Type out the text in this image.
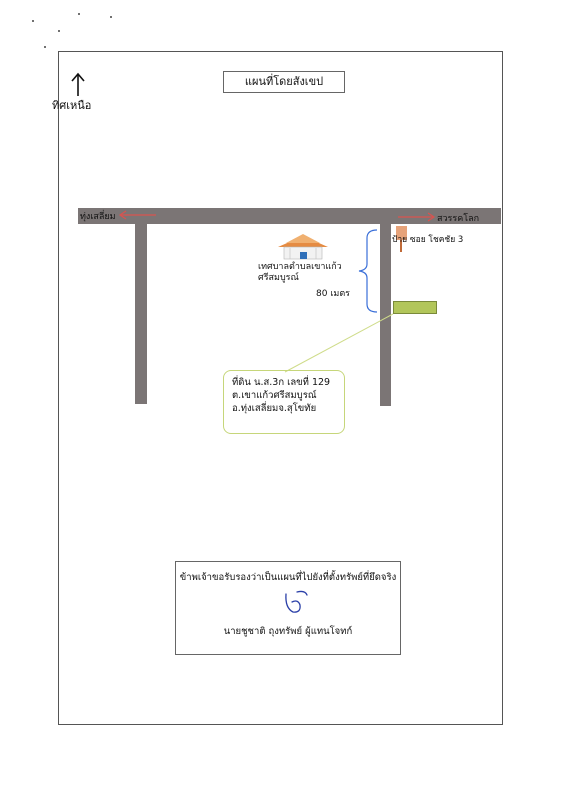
ทิศเหนือ
แผนที่โดยสังเขป
ทุ่งเสลี่ยม	สวรรคโลก
ป้าย ซอย โชคชัย 3
เทศบาลตำบลเขาแก้ว
ศรีสมบูรณ์
80 เมตร
ที่ดิน น.ส.3ก เลขที่ 129
ต.เขาแก้วศรีสมบูรณ์
อ.ทุ่งเสลี่ยมจ.สุโขทัย
ข้าพเจ้าขอรับรองว่าเป็นแผนที่ไปยังที่ตั้งทรัพย์ที่ยึดจริง
นายชูชาติ ถุงทรัพย์ ผู้แทนโจทก์
